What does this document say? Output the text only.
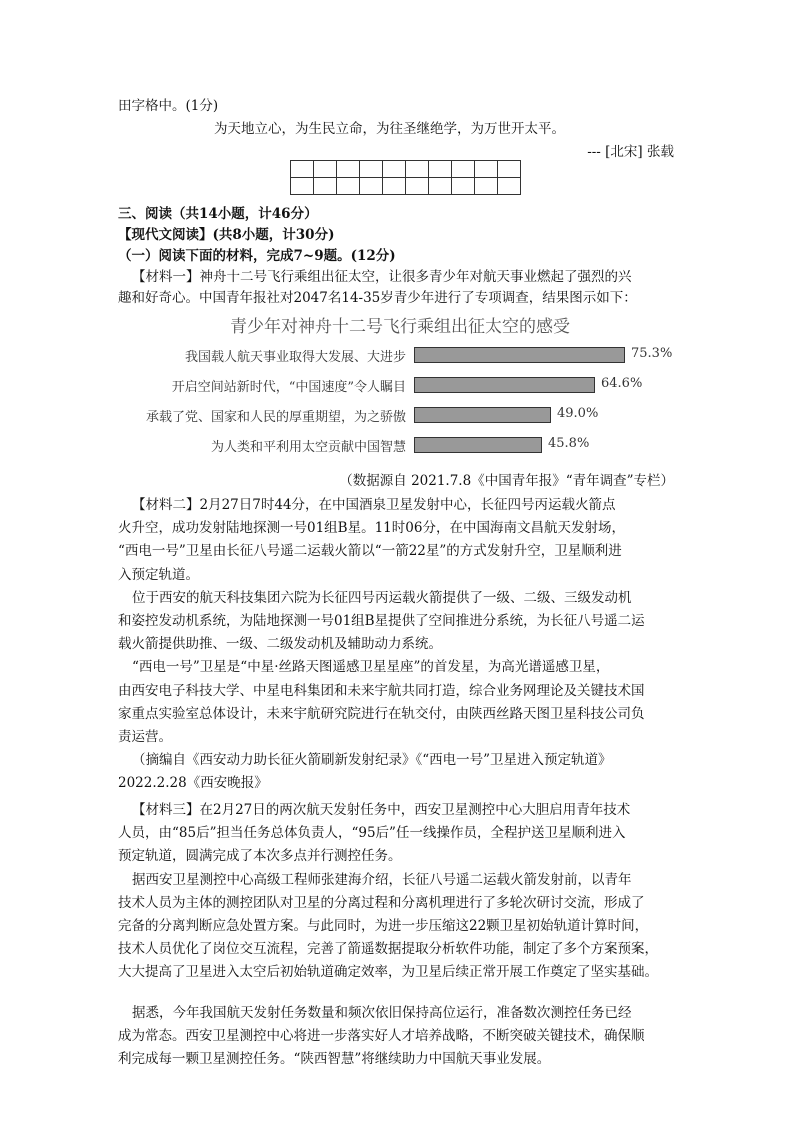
田字格中。(1分)
为天地立心，为生民立命，为往圣继绝学，为万世开太平。
--- [北宋] 张载

三、阅读（共14小题，计46分）
【现代文阅读】(共8小题，计30分)
（一）阅读下面的材料，完成7~9题。(12分)
【材料一】神舟十二号飞行乘组出征太空，让很多青少年对航天事业燃起了强烈的兴
趣和好奇心。中国青年报社对2047名14-35岁青少年进行了专项调查，结果图示如下：
青少年对神舟十二号飞行乘组出征太空的感受
我国载人航天事业取得大发展、大进步	75.3%
开启空间站新时代，“中国速度”令人瞩目	64.6%
承载了党、国家和人民的厚重期望，为之骄傲	49.0%
为人类和平利用太空贡献中国智慧	45.8%
（数据源自 2021.7.8《中国青年报》“青年调查”专栏）
【材料二】2月27日7时44分，在中国酒泉卫星发射中心，长征四号丙运载火箭点
火升空，成功发射陆地探测一号01组B星。11时06分，在中国海南文昌航天发射场，
“西电一号”卫星由长征八号遥二运载火箭以“一箭22星”的方式发射升空，卫星顺利进
入预定轨道。
位于西安的航天科技集团六院为长征四号丙运载火箭提供了一级、二级、三级发动机
和姿控发动机系统，为陆地探测一号01组B星提供了空间推进分系统，为长征八号遥二运
载火箭提供助推、一级、二级发动机及辅助动力系统。
“西电一号”卫星是“中星·丝路天图遥感卫星星座”的首发星，为高光谱遥感卫星，
由西安电子科技大学、中星电科集团和未来宇航共同打造，综合业务网理论及关键技术国
家重点实验室总体设计，未来宇航研究院进行在轨交付，由陕西丝路天图卫星科技公司负
责运营。
（摘编自《西安动力助长征火箭刷新发射纪录》《“西电一号”卫星进入预定轨道》
2022.2.28《西安晚报》
【材料三】在2月27日的两次航天发射任务中，西安卫星测控中心大胆启用青年技术
人员，由“85后”担当任务总体负责人，“95后”任一线操作员，全程护送卫星顺利进入
预定轨道，圆满完成了本次多点并行测控任务。
据西安卫星测控中心高级工程师张建海介绍，长征八号遥二运载火箭发射前，以青年
技术人员为主体的测控团队对卫星的分离过程和分离机理进行了多轮次研讨交流，形成了
完备的分离判断应急处置方案。与此同时，为进一步压缩这22颗卫星初始轨道计算时间，
技术人员优化了岗位交互流程，完善了箭遥数据提取分析软件功能，制定了多个方案预案，
大大提高了卫星进入太空后初始轨道确定效率，为卫星后续正常开展工作奠定了坚实基础。
据悉，今年我国航天发射任务数量和频次依旧保持高位运行，准备数次测控任务已经
成为常态。西安卫星测控中心将进一步落实好人才培养战略，不断突破关键技术，确保顺
利完成每一颗卫星测控任务。“陕西智慧”将继续助力中国航天事业发展。
